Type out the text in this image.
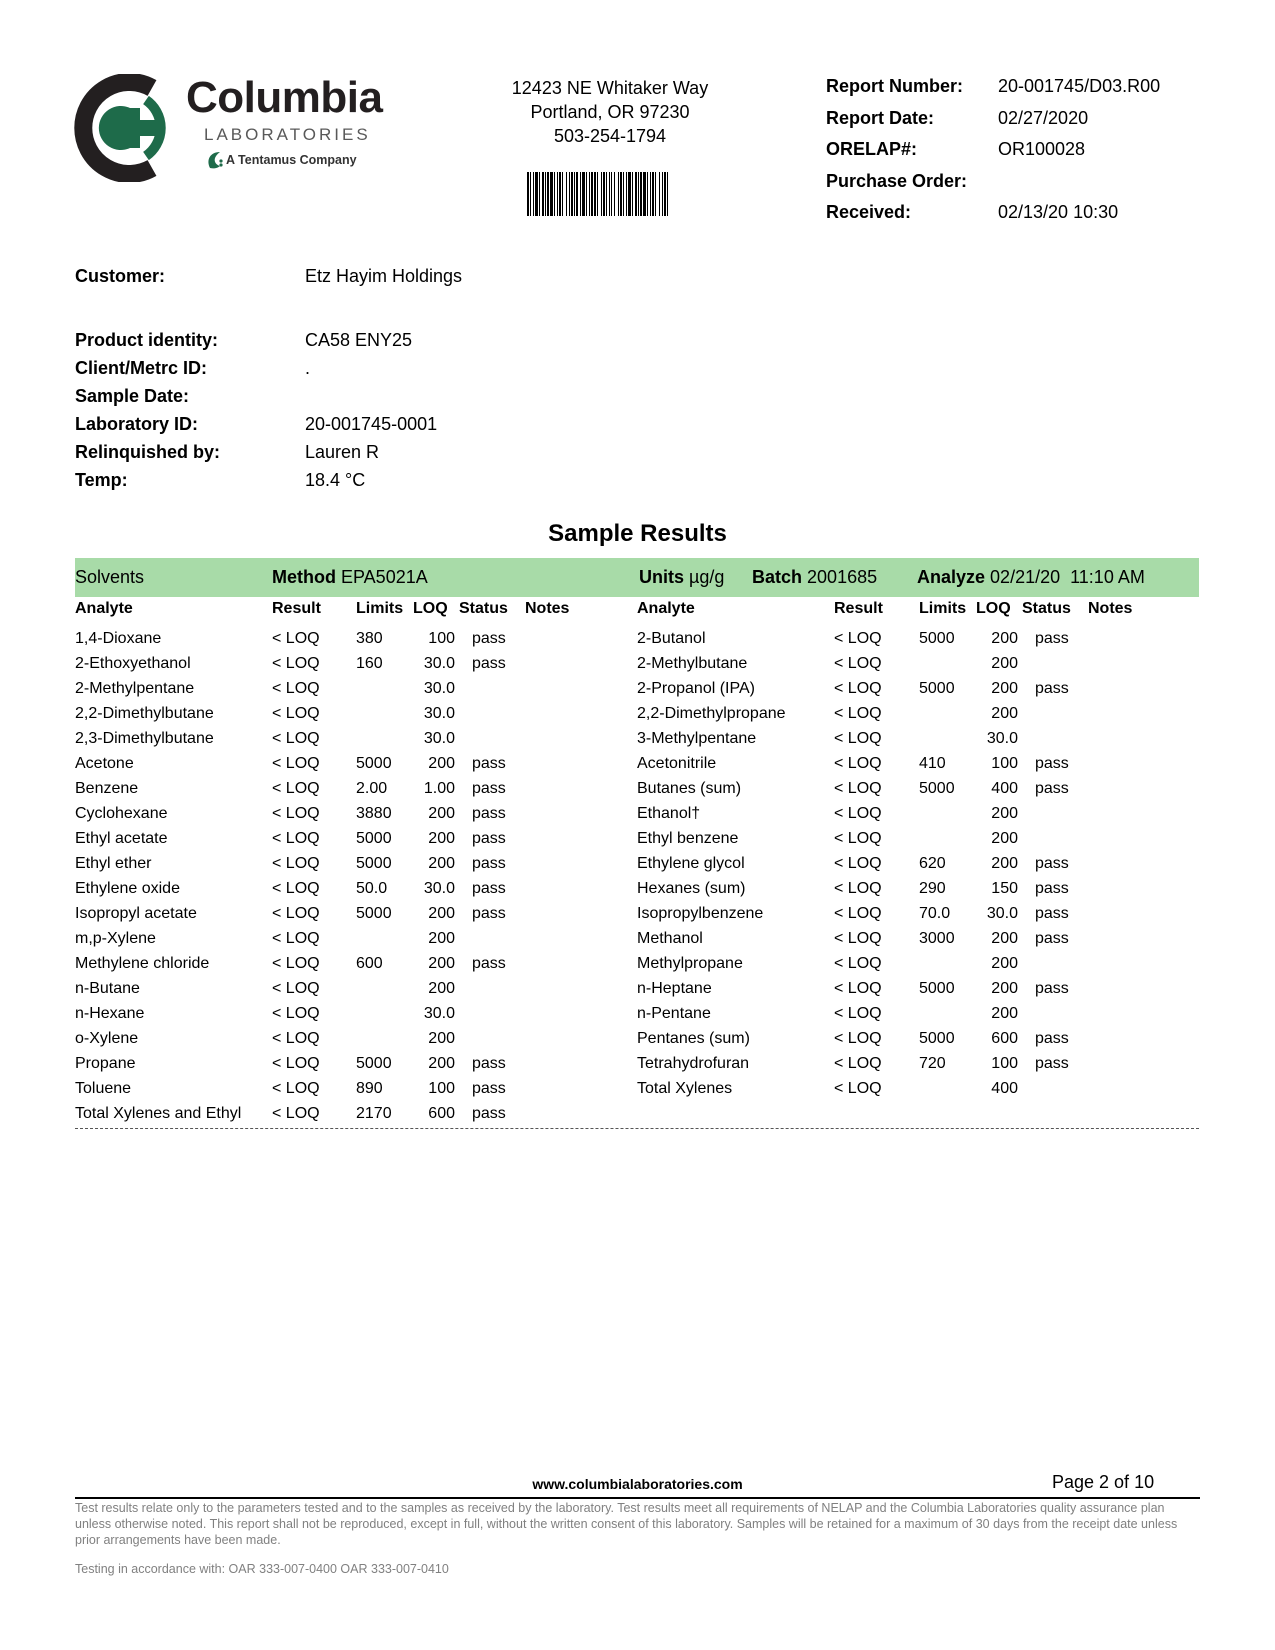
Columbia
LABORATORIES
A Tentamus Company
12423 NE Whitaker Way
Portland, OR 97230
503-254-1794
Report Number: 20-001745/D03.R00
Report Date:	02/27/2020
ORELAP#:	OR100028
Purchase Order:
Received:	02/13/20 10:30
Customer:	Etz Hayim Holdings
Product identity:	CA58 ENY25
Client/Metrc ID:	.
Sample Date:
Laboratory ID:	20-001745-0001
Relinquished by:	Lauren R
Temp:	18.4 °C
Sample Results
Solvents	Method EPA5021A	Units µg/g Batch 2001685 Analyze 02/21/20  11:10 AM
Analyte	Result Limits LOQ Status Notes	Analyte	Result Limits LOQ Status Notes
1,4-Dioxane	< LOQ 380	100 pass
2-Ethoxyethanol	< LOQ 160	30.0 pass
2-Methylpentane	< LOQ	30.0
2,2-Dimethylbutane	< LOQ	30.0
2,3-Dimethylbutane	< LOQ	30.0
Acetone	< LOQ 5000	200 pass
Benzene	< LOQ 2.00	1.00 pass
Cyclohexane	< LOQ 3880	200 pass
Ethyl acetate	< LOQ 5000	200 pass
Ethyl ether	< LOQ 5000	200 pass
Ethylene oxide	< LOQ 50.0	30.0 pass
Isopropyl acetate	< LOQ 5000	200 pass
m,p-Xylene	< LOQ	200
Methylene chloride	< LOQ 600	200 pass
n-Butane	< LOQ	200
n-Hexane	< LOQ	30.0
o-Xylene	< LOQ	200
Propane	< LOQ 5000	200 pass
Toluene	< LOQ 890	100 pass
Total Xylenes and Ethyl < LOQ 2170	600 pass
2-Butanol	< LOQ 5000	200 pass
2-Methylbutane	< LOQ	200
2-Propanol (IPA)	< LOQ 5000	200 pass
2,2-Dimethylpropane	< LOQ	200
3-Methylpentane	< LOQ	30.0
Acetonitrile	< LOQ 410	100 pass
Butanes (sum)	< LOQ 5000	400 pass
Ethanol†	< LOQ	200
Ethyl benzene	< LOQ	200
Ethylene glycol	< LOQ 620	200 pass
Hexanes (sum)	< LOQ 290	150 pass
Isopropylbenzene	< LOQ 70.0	30.0 pass
Methanol	< LOQ 3000	200 pass
Methylpropane	< LOQ	200
n-Heptane	< LOQ 5000	200 pass
n-Pentane	< LOQ	200
Pentanes (sum)	< LOQ 5000	600 pass
Tetrahydrofuran	< LOQ 720	100 pass
Total Xylenes	< LOQ	400
www.columbialaboratories.com	Page 2 of 10
Test results relate only to the parameters tested and to the samples as received by the laboratory. Test results meet all requirements of NELAP and the Columbia Laboratories quality assurance plan unless otherwise noted. This report shall not be reproduced, except in full, without the written consent of this laboratory. Samples will be retained for a maximum of 30 days from the receipt date unless prior arrangements have been made.
Testing in accordance with: OAR 333-007-0400 OAR 333-007-0410
